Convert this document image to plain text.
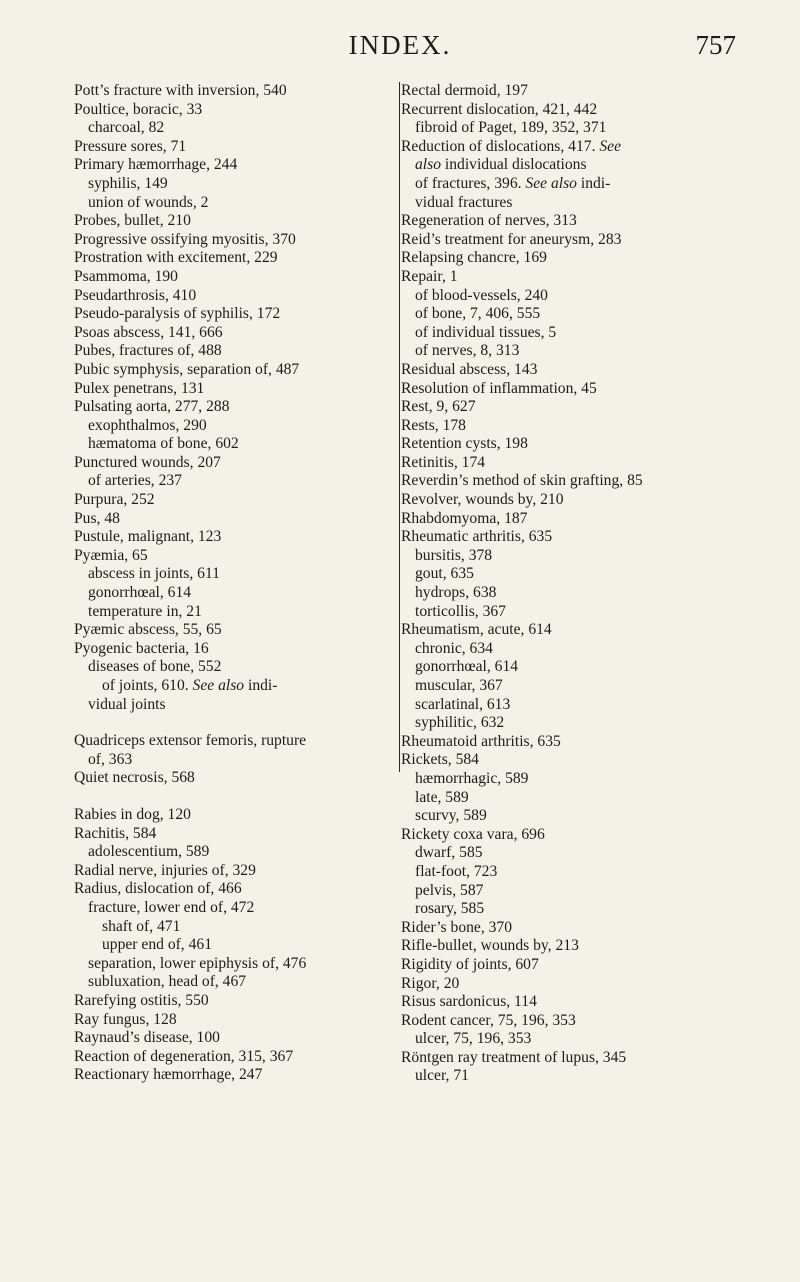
INDEX.	757
Pott’s fracture with inversion, 540
Poultice, boracic, 33
charcoal, 82
Pressure sores, 71
Primary hæmorrhage, 244
syphilis, 149
union of wounds, 2
Probes, bullet, 210
Progressive ossifying myositis, 370
Prostration with excitement, 229
Psammoma, 190
Pseudarthrosis, 410
Pseudo-paralysis of syphilis, 172
Psoas abscess, 141, 666
Pubes, fractures of, 488
Pubic symphysis, separation of, 487
Pulex penetrans, 131
Pulsating aorta, 277, 288
exophthalmos, 290
hæmatoma of bone, 602
Punctured wounds, 207
of arteries, 237
Purpura, 252
Pus, 48
Pustule, malignant, 123
Pyæmia, 65
abscess in joints, 611
gonorrhœal, 614
temperature in, 21
Pyæmic abscess, 55, 65
Pyogenic bacteria, 16
diseases of bone, 552
of joints, 610. See also indi-
vidual joints
Quadriceps extensor femoris, rupture
of, 363
Quiet necrosis, 568
Rabies in dog, 120
Rachitis, 584
adolescentium, 589
Radial nerve, injuries of, 329
Radius, dislocation of, 466
fracture, lower end of, 472
shaft of, 471
upper end of, 461
separation, lower epiphysis of, 476
subluxation, head of, 467
Rarefying ostitis, 550
Ray fungus, 128
Raynaud’s disease, 100
Reaction of degeneration, 315, 367
Reactionary hæmorrhage, 247
Rectal dermoid, 197
Recurrent dislocation, 421, 442
fibroid of Paget, 189, 352, 371
Reduction of dislocations, 417. See
also individual dislocations
of fractures, 396. See also indi-
vidual fractures
Regeneration of nerves, 313
Reid’s treatment for aneurysm, 283
Relapsing chancre, 169
Repair, 1
of blood-vessels, 240
of bone, 7, 406, 555
of individual tissues, 5
of nerves, 8, 313
Residual abscess, 143
Resolution of inflammation, 45
Rest, 9, 627
Rests, 178
Retention cysts, 198
Retinitis, 174
Reverdin’s method of skin grafting, 85
Revolver, wounds by, 210
Rhabdomyoma, 187
Rheumatic arthritis, 635
bursitis, 378
gout, 635
hydrops, 638
torticollis, 367
Rheumatism, acute, 614
chronic, 634
gonorrhœal, 614
muscular, 367
scarlatinal, 613
syphilitic, 632
Rheumatoid arthritis, 635
Rickets, 584
hæmorrhagic, 589
late, 589
scurvy, 589
Rickety coxa vara, 696
dwarf, 585
flat-foot, 723
pelvis, 587
rosary, 585
Rider’s bone, 370
Rifle-bullet, wounds by, 213
Rigidity of joints, 607
Rigor, 20
Risus sardonicus, 114
Rodent cancer, 75, 196, 353
ulcer, 75, 196, 353
Röntgen ray treatment of lupus, 345
ulcer, 71
